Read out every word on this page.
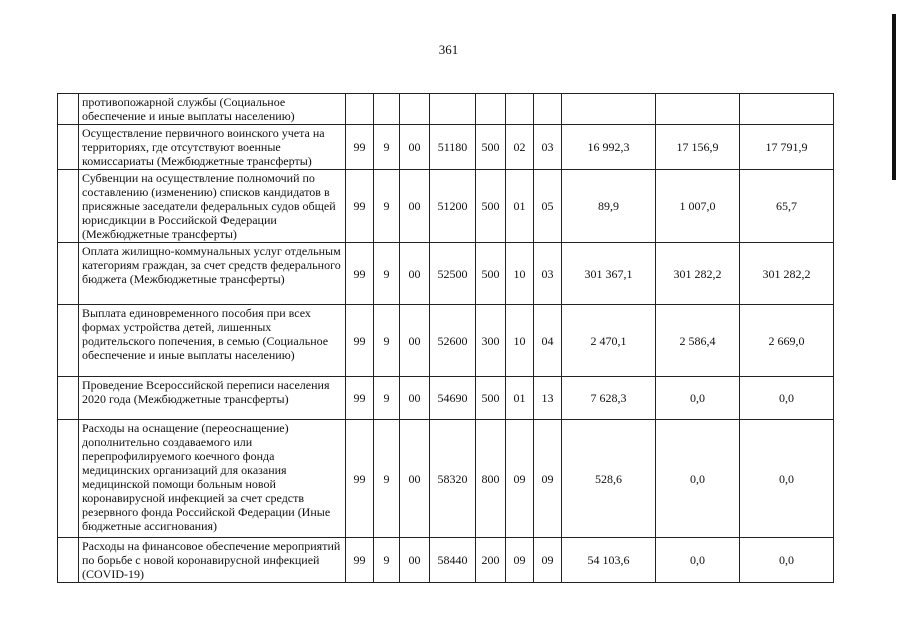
361
	противопожарной службы (Социальное обеспечение и иные выплаты населению)										
	Осуществление первичного воинского учета на территориях, где отсутствуют военные комиссариаты (Межбюджетные трансферты)	99	9	00	51180	500	02	03	16 992,3	17 156,9	17 791,9
	Субвенции на осуществление полномочий по составлению (изменению) списков кандидатов в присяжные заседатели федеральных судов общей юрисдикции в Российской Федерации (Межбюджетные трансферты)	99	9	00	51200	500	01	05	89,9	1 007,0	65,7
	Оплата жилищно-коммунальных услуг отдельным категориям граждан, за счет средств федерального бюджета (Межбюджетные трансферты)	99	9	00	52500	500	10	03	301 367,1	301 282,2	301 282,2
	Выплата единовременного пособия при всех формах устройства детей, лишенных родительского попечения, в семью (Социальное обеспечение и иные выплаты населению)	99	9	00	52600	300	10	04	2 470,1	2 586,4	2 669,0
	Проведение Всероссийской переписи населения 2020 года (Межбюджетные трансферты)	99	9	00	54690	500	01	13	7 628,3	0,0	0,0
	Расходы на оснащение (переоснащение) дополнительно создаваемого или перепрофилируемого коечного фонда медицинских организаций для оказания медицинской помощи больным новой коронавирусной инфекцией за счет средств резервного фонда Российской Федерации (Иные бюджетные ассигнования)	99	9	00	58320	800	09	09	528,6	0,0	0,0
	Расходы на финансовое обеспечение мероприятий по борьбе с новой коронавирусной инфекцией (COVID-19)	99	9	00	58440	200	09	09	54 103,6	0,0	0,0
